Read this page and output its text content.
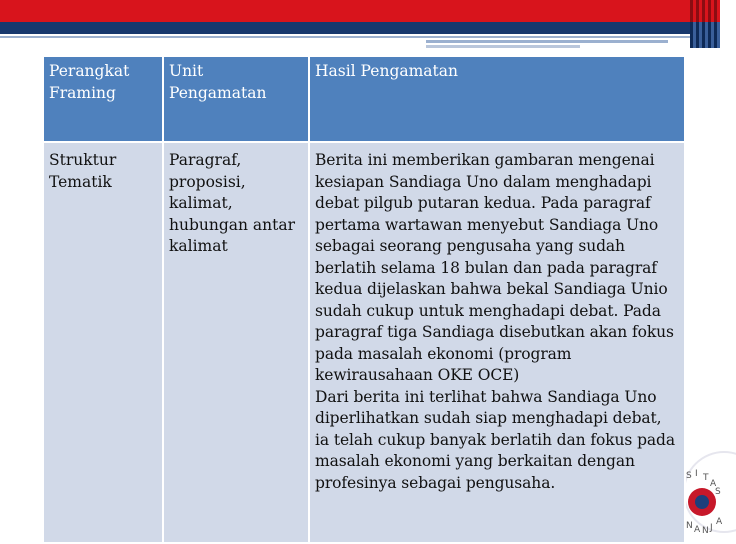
S I T
A
S
N A N J
A
Perangkat Framing	Unit Pengamatan	Hasil Pengamatan
Struktur Tematik	Paragraf, proposisi, kalimat, hubungan antar kalimat	Berita ini memberikan gambaran mengenai kesiapan Sandiaga Uno dalam menghadapi debat pilgub putaran kedua. Pada paragraf pertama wartawan menyebut Sandiaga Uno sebagai seorang pengusaha yang sudah berlatih selama 18 bulan dan pada paragraf kedua dijelaskan bahwa bekal Sandiaga Unio sudah cukup untuk menghadapi debat. Pada paragraf tiga Sandiaga disebutkan akan fokus pada masalah ekonomi (program kewirausahaan OKE OCE)
Dari berita ini terlihat bahwa Sandiaga Uno diperlihatkan sudah siap menghadapi debat, ia telah cukup banyak berlatih dan fokus pada masalah ekonomi yang berkaitan dengan profesinya sebagai pengusaha.
